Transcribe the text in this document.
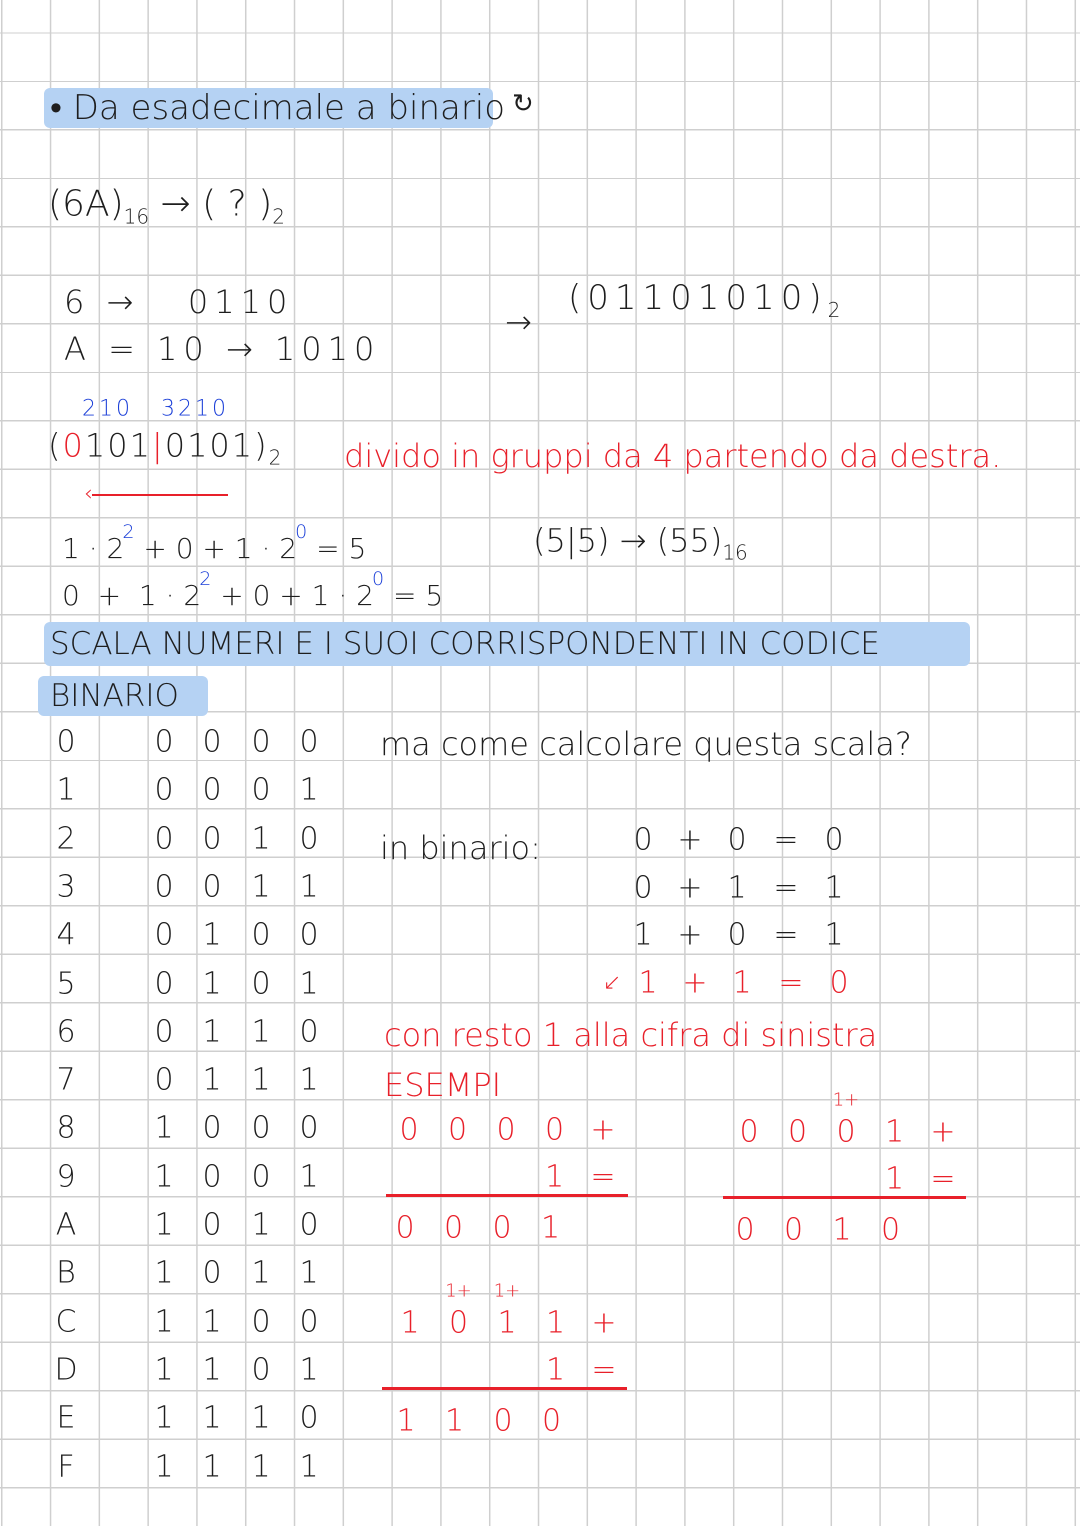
• Da esadecimale a binario ↻
$(6A)_{16}$ → ( ? )$_2$
6 →   0110
A = 10 → 1010
→
$(01101010)_2$
210 3210
$(0101|0101)_2$ divido in gruppi da 4 partendo da destra.
‹
$1 \cdot 2^2 + 0 + 1 \cdot 2^0 = 5$
$0 + 1 \cdot 2^2 + 0 + 1 \cdot 2^0 = 5$
$(5|5) \to (55)_{16}$
SCALA NUMERI E I SUOI CORRISPONDENTI IN CODICE
BINARIO
0	0 0 0 0
1	0 0 0 1
2	0 0 1 0
3	0 0 1 1
4	0 1 0 0
5	0 1 0 1
6	0 1 1 0
7	0 1 1 1
8	1 0 0 0
9	1 0 0 1
A	1 0 1 0
B	1 0 1 1
C	1 1 0 0
D	1 1 0 1
E	1 1 1 0
F	1 1 1 1
ma come calcolare questa scala?
in binario:	0 + 0 = 0
0 + 1 = 1
1 + 0 = 1
1 + 1 = 0
↙
con resto 1 alla cifra di sinistra
ESEMPI
0 0 0 0 +
1 =
0 0 0 1
0 0 0 1 +
1+
1 =
0 0 1 0
1 0 1 1 +
1+ 1+
1 =
1 1 0 0
